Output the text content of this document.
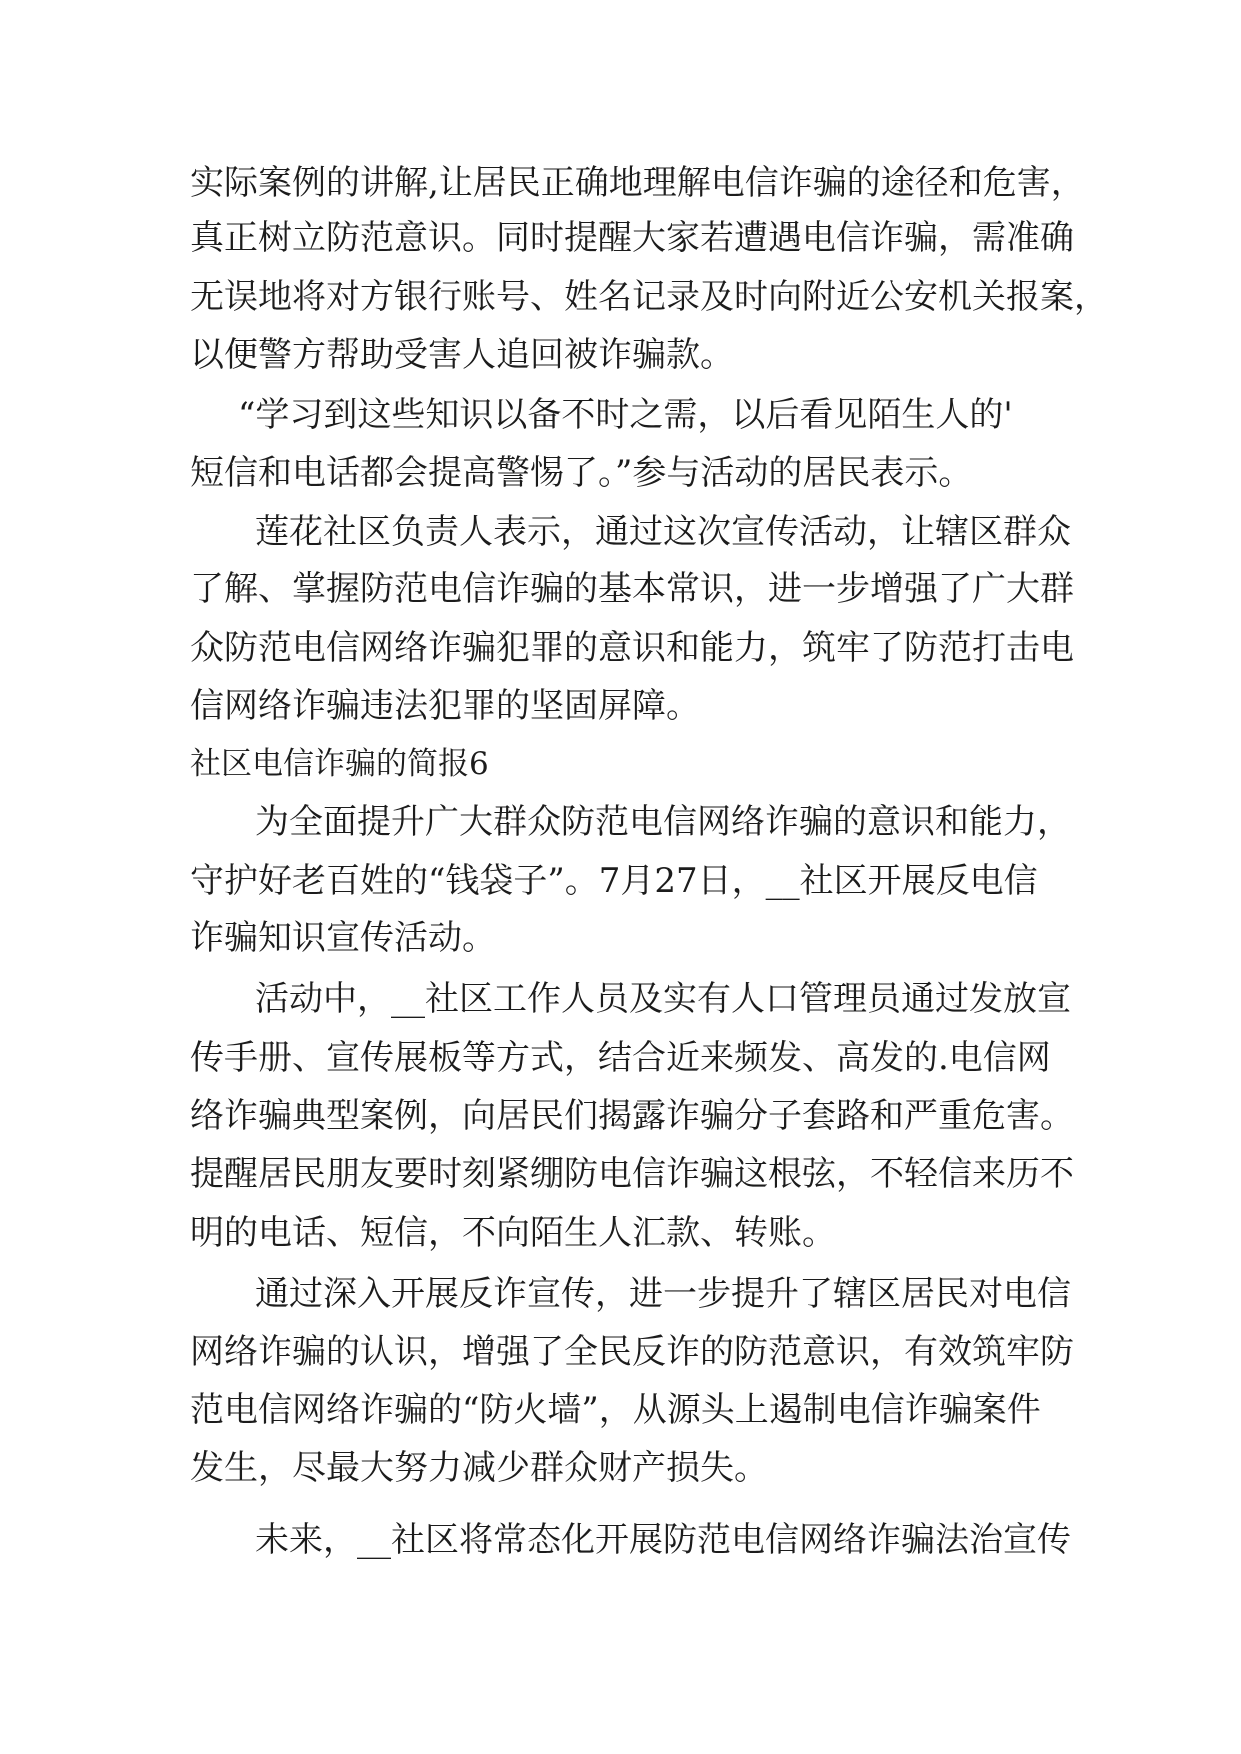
实际案例的讲解,让居民正确地理解电信诈骗的途径和危害，
真正树立防范意识。同时提醒大家若遭遇电信诈骗，需准确
无误地将对方银行账号、姓名记录及时向附近公安机关报案，
以便警方帮助受害人追回被诈骗款。
“学习到这些知识以备不时之需，以后看见陌生人的'
短信和电话都会提高警惕了。”参与活动的居民表示。
莲花社区负责人表示，通过这次宣传活动，让辖区群众
了解、掌握防范电信诈骗的基本常识，进一步增强了广大群
众防范电信网络诈骗犯罪的意识和能力，筑牢了防范打击电
信网络诈骗违法犯罪的坚固屏障。
社区电信诈骗的简报6
为全面提升广大群众防范电信网络诈骗的意识和能力，
守护好老百姓的“钱袋子”。7月27日，__社区开展反电信
诈骗知识宣传活动。
活动中，__社区工作人员及实有人口管理员通过发放宣
传手册、宣传展板等方式，结合近来频发、高发的.电信网
络诈骗典型案例，向居民们揭露诈骗分子套路和严重危害。
提醒居民朋友要时刻紧绷防电信诈骗这根弦，不轻信来历不
明的电话、短信，不向陌生人汇款、转账。
通过深入开展反诈宣传，进一步提升了辖区居民对电信
网络诈骗的认识，增强了全民反诈的防范意识，有效筑牢防
范电信网络诈骗的“防火墙”，从源头上遏制电信诈骗案件
发生，尽最大努力减少群众财产损失。
未来，__社区将常态化开展防范电信网络诈骗法治宣传
